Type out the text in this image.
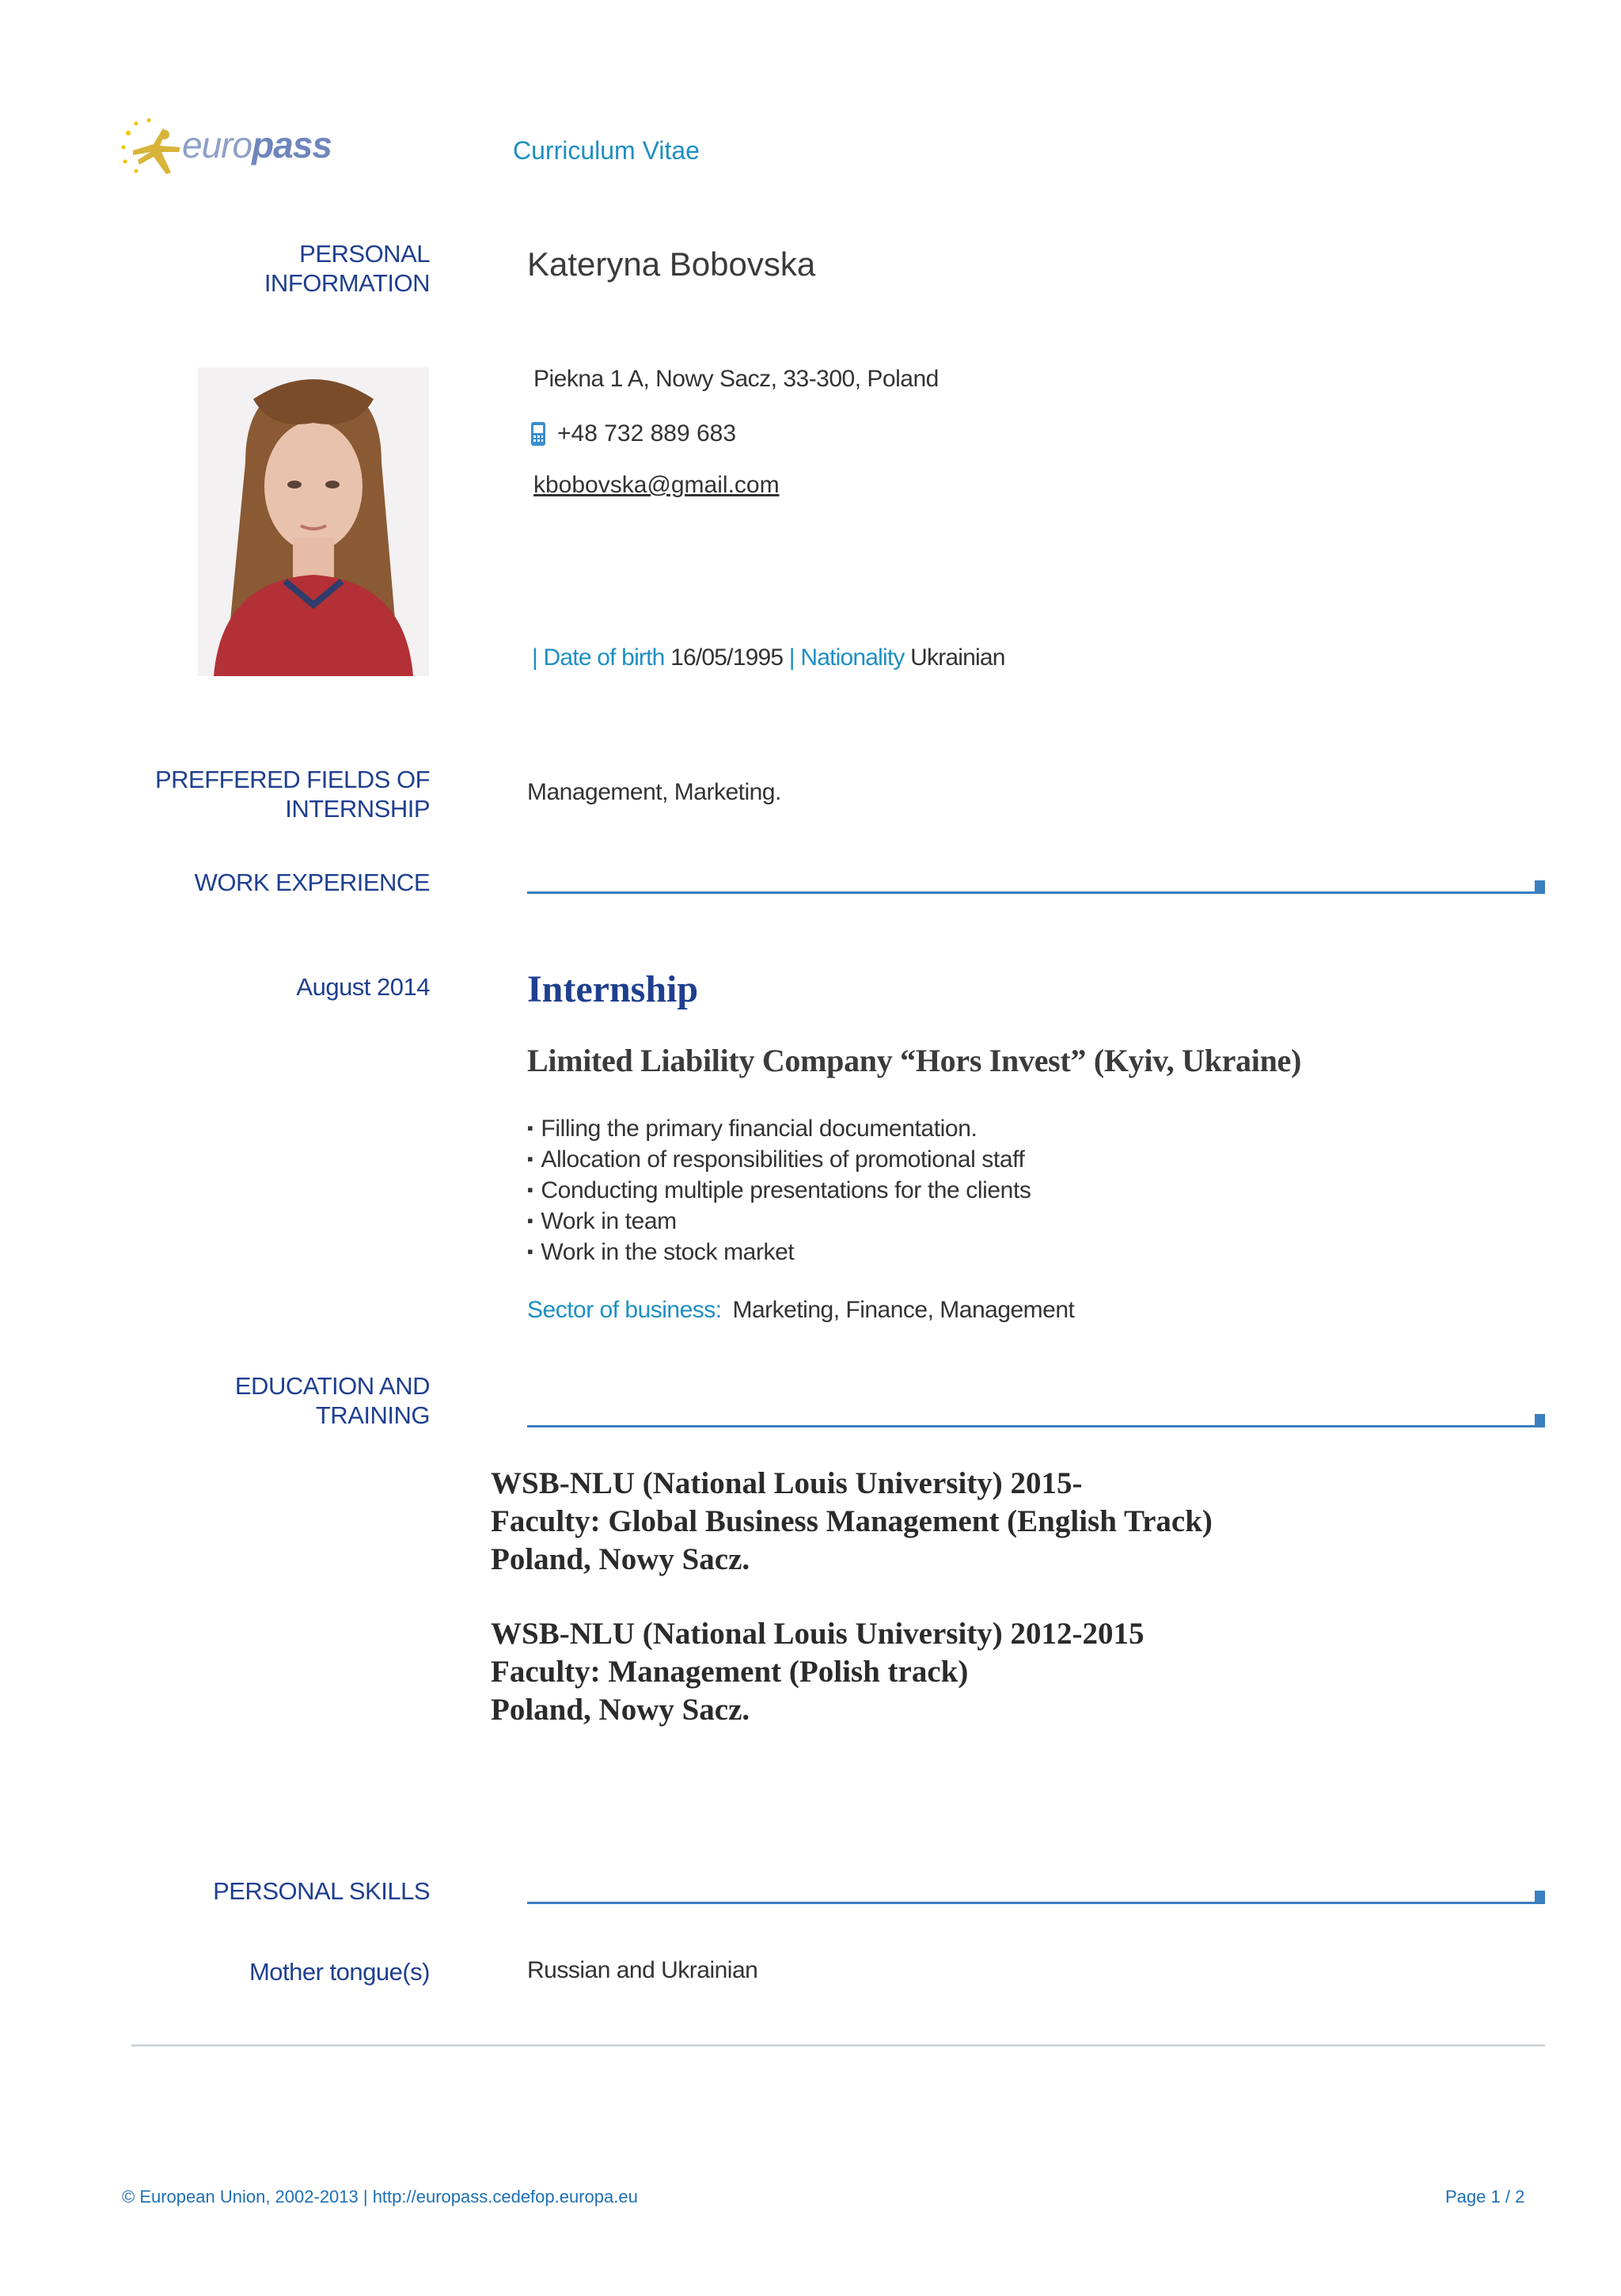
europass	Curriculum Vitae
PERSONAL
INFORMATION
Kateryna Bobovska
Piekna 1 A, Nowy Sacz, 33-300, Poland
+48 732 889 683
kbobovska@gmail.com
| Date of birth 16/05/1995 | Nationality Ukrainian
PREFFERED FIELDS OF
INTERNSHIP
Management, Marketing.
WORK EXPERIENCE
August 2014	Internship
Limited Liability Company “Hors Invest” (Kyiv, Ukraine)
▪ Filling the primary financial documentation.
▪ Allocation of responsibilities of promotional staff
▪ Conducting multiple presentations for the clients
▪ Work in team
▪ Work in the stock market
Sector of business: Marketing, Finance, Management
EDUCATION AND
TRAINING
WSB-NLU (National Louis University) 2015-
Faculty: Global Business Management (English Track)
Poland, Nowy Sacz.
WSB-NLU (National Louis University) 2012-2015
Faculty: Management (Polish track)
Poland, Nowy Sacz.
PERSONAL SKILLS
Mother tongue(s)	Russian and Ukrainian
© European Union, 2002-2013 | http://europass.cedefop.europa.eu	Page 1 / 2
